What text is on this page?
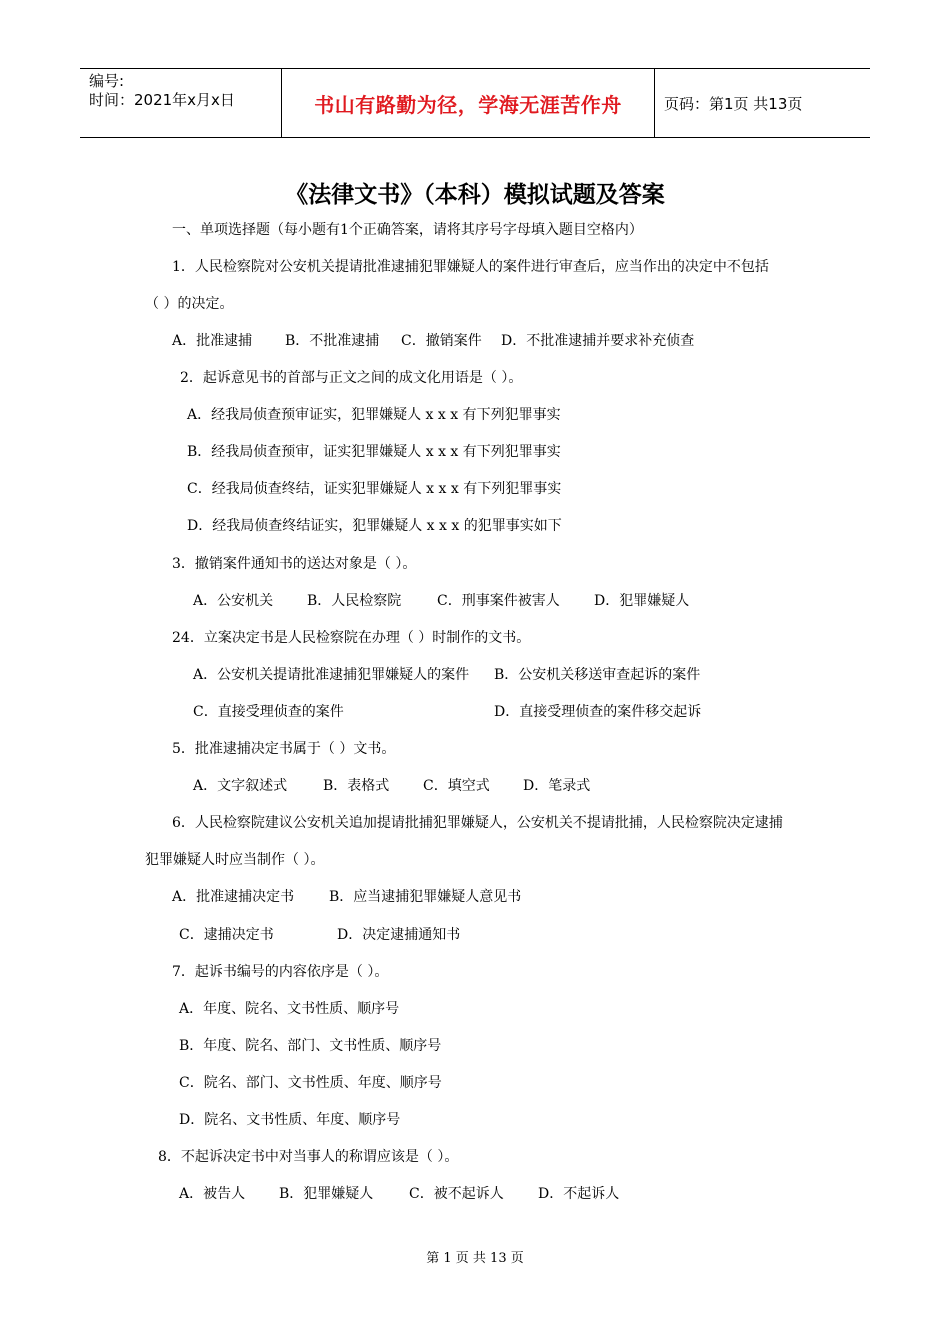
编号:
时间：2021年x月x日	书山有路勤为径，学海无涯苦作舟	页码：第1页 共13页
《法律文书》（本科）模拟试题及答案
一、单项选择题（每小题有1个正确答案，请将其序号字母填入题目空格内）
1．人民检察院对公安机关提请批准逮捕犯罪嫌疑人的案件进行审查后，应当作出的决定中不包括
（ ）的决定。
A．批准逮捕 B．不批准逮捕 C．撤销案件 D．不批准逮捕并要求补充侦查
2．起诉意见书的首部与正文之间的成文化用语是（ ）。
A．经我局侦查预审证实，犯罪嫌疑人 x x x 有下列犯罪事实
B．经我局侦查预审，证实犯罪嫌疑人 x x x 有下列犯罪事实
C．经我局侦查终结，证实犯罪嫌疑人 x x x 有下列犯罪事实
D．经我局侦查终结证实，犯罪嫌疑人 x x x 的犯罪事实如下
3．撤销案件通知书的送达对象是（ ）。
A．公安机关 B．人民检察院	C．刑事案件被害人 D．犯罪嫌疑人
24．立案决定书是人民检察院在办理（ ）时制作的文书。
A．公安机关提请批准逮捕犯罪嫌疑人的案件 B．公安机关移送审查起诉的案件
C．直接受理侦查的案件	D．直接受理侦查的案件移交起诉
5．批准逮捕决定书属于（ ）文书。
A．文字叙述式	B．表格式 C．填空式 D．笔录式
6．人民检察院建议公安机关追加提请批捕犯罪嫌疑人，公安机关不提请批捕，人民检察院决定逮捕
犯罪嫌疑人时应当制作（ ）。
A．批准逮捕决定书 B．应当逮捕犯罪嫌疑人意见书
C．逮捕决定书	D．决定逮捕通知书
7．起诉书编号的内容依序是（ ）。
A．年度、院名、文书性质、顺序号
B．年度、院名、部门、文书性质、顺序号
C．院名、部门、文书性质、年度、顺序号
D．院名、文书性质、年度、顺序号
8．不起诉决定书中对当事人的称谓应该是（ ）。
A．被告人 B．犯罪嫌疑人	C．被不起诉人 D．不起诉人
第 1 页 共 13 页
